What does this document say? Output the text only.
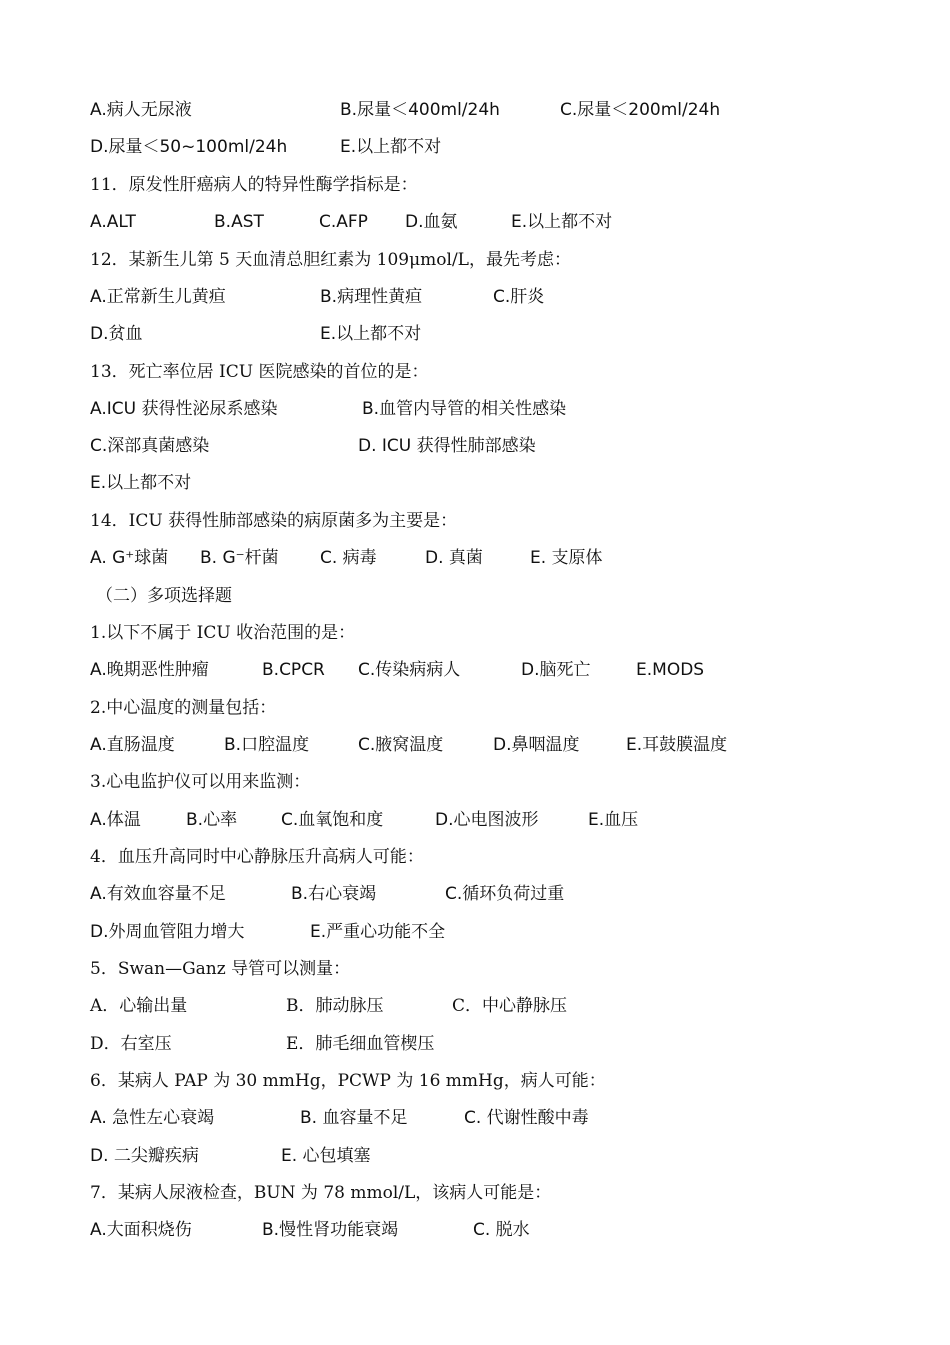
A.病人无尿液	B.尿量＜400ml/24h	C.尿量＜200ml/24h
D.尿量＜50~100ml/24h	E.以上都不对
11．原发性肝癌病人的特异性酶学指标是：
A.ALT	B.AST	C.AFP D.血氨	E.以上都不对
12．某新生儿第 5 天血清总胆红素为 109μmol/L，最先考虑：
A.正常新生儿黄疸	B.病理性黄疸	C.肝炎
D.贫血	E.以上都不对
13．死亡率位居 ICU 医院感染的首位的是：
A.ICU 获得性泌尿系感染	B.血管内导管的相关性感染
C.深部真菌感染	D. ICU 获得性肺部感染
E.以上都不对
14．ICU 获得性肺部感染的病原菌多为主要是：
A. G⁺球菌 B. G⁻杆菌 C. 病毒	D. 真菌	E. 支原体
（二）多项选择题
1.以下不属于 ICU 收治范围的是：
A.晚期恶性肿瘤	B.CPCR C.传染病病人	D.脑死亡	E.MODS
2.中心温度的测量包括：
A.直肠温度	B.口腔温度	C.腋窝温度	D.鼻咽温度	E.耳鼓膜温度
3.心电监护仪可以用来监测：
A.体温	B.心率	C.血氧饱和度	D.心电图波形	E.血压
4．血压升高同时中心静脉压升高病人可能：
A.有效血容量不足	B.右心衰竭	C.循环负荷过重
D.外周血管阻力增大	E.严重心功能不全
5．Swan—Ganz 导管可以测量：
A．心输出量	B．肺动脉压	C．中心静脉压
D．右室压	E．肺毛细血管楔压
6．某病人 PAP 为 30 mmHg，PCWP 为 16 mmHg，病人可能：
A. 急性左心衰竭	B. 血容量不足	C. 代谢性酸中毒
D. 二尖瓣疾病	E. 心包填塞
7．某病人尿液检查，BUN 为 78 mmol/L，该病人可能是：
A.大面积烧伤	B.慢性肾功能衰竭	C. 脱水
